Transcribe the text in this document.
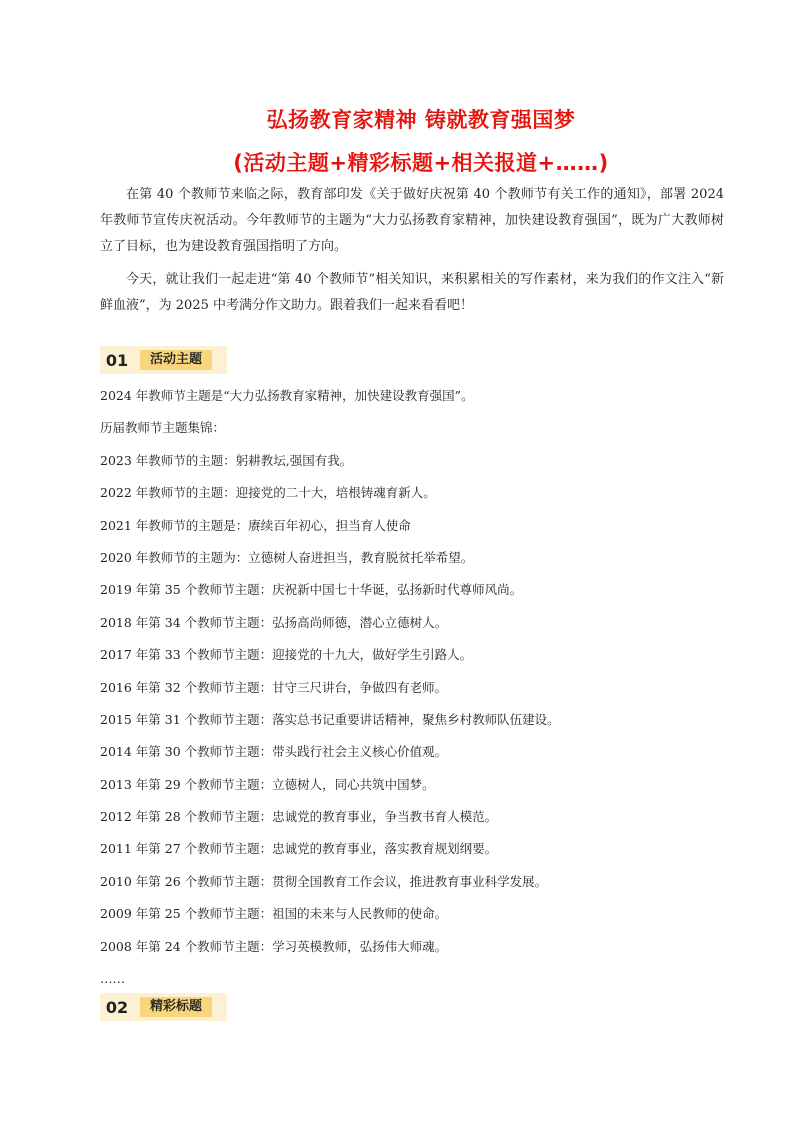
弘扬教育家精神 铸就教育强国梦
(活动主题+精彩标题+相关报道+……)

在第 40 个教师节来临之际，教育部印发《关于做好庆祝第 40 个教师节有关工作的通知》，部署 2024 年教师节宣传庆祝活动。今年教师节的主题为“大力弘扬教育家精神，加快建设教育强国”，既为广大教师树立了目标，也为建设教育强国指明了方向。

今天，就让我们一起走进“第 40 个教师节”相关知识，来积累相关的写作素材，来为我们的作文注入“新鲜血液”，为 2025 中考满分作文助力。跟着我们一起来看看吧！

01	活动主题
2024 年教师节主题是“大力弘扬教育家精神，加快建设教育强国”。
历届教师节主题集锦：
2023 年教师节的主题：躬耕教坛,强国有我。
2022 年教师节的主题：迎接党的二十大，培根铸魂育新人。
2021 年教师节的主题是：赓续百年初心，担当育人使命
2020 年教师节的主题为：立德树人奋进担当，教育脱贫托举希望。
2019 年第 35 个教师节主题：庆祝新中国七十华诞，弘扬新时代尊师风尚。
2018 年第 34 个教师节主题：弘扬高尚师德，潜心立德树人。
2017 年第 33 个教师节主题：迎接党的十九大，做好学生引路人。
2016 年第 32 个教师节主题：甘守三尺讲台，争做四有老师。
2015 年第 31 个教师节主题：落实总书记重要讲话精神，聚焦乡村教师队伍建设。
2014 年第 30 个教师节主题：带头践行社会主义核心价值观。
2013 年第 29 个教师节主题：立德树人，同心共筑中国梦。
2012 年第 28 个教师节主题：忠诚党的教育事业，争当教书育人模范。
2011 年第 27 个教师节主题：忠诚党的教育事业，落实教育规划纲要。
2010 年第 26 个教师节主题：贯彻全国教育工作会议，推进教育事业科学发展。
2009 年第 25 个教师节主题：祖国的未来与人民教师的使命。
2008 年第 24 个教师节主题：学习英模教师，弘扬伟大师魂。
……
02	精彩标题
